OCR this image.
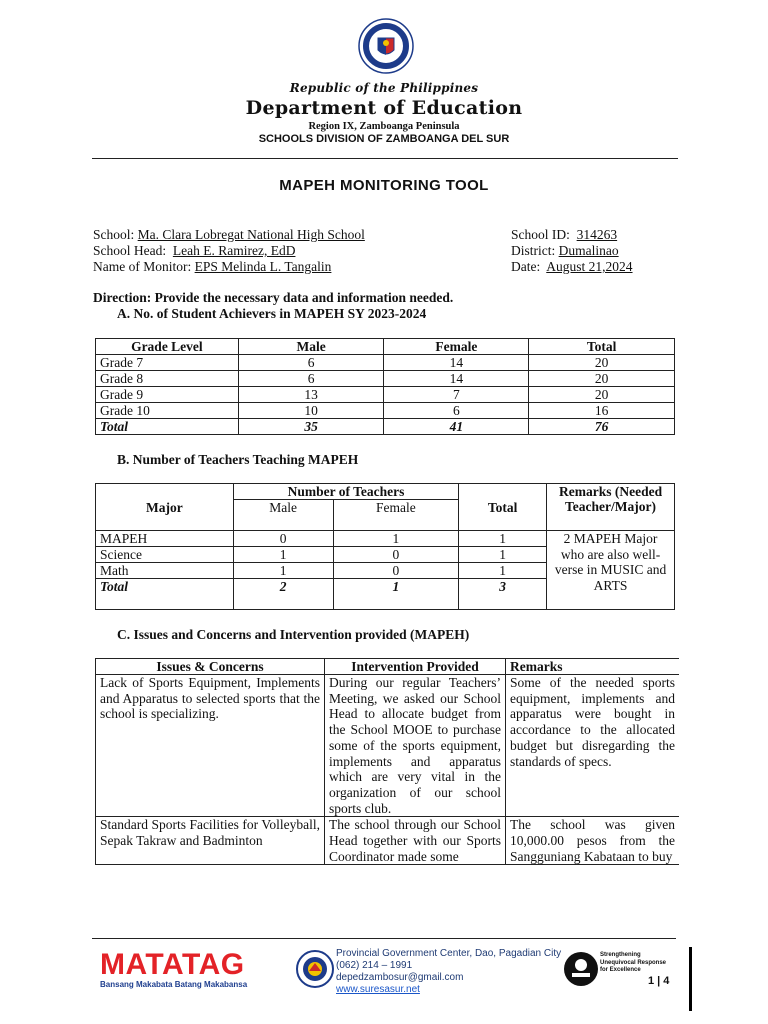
Republic of the Philippines
Department of Education
Region IX, Zamboanga Peninsula
SCHOOLS DIVISION OF ZAMBOANGA DEL SUR
MAPEH MONITORING TOOL
School: Ma. Clara Lobregat National High School
School Head: Leah E. Ramirez, EdD
Name of Monitor: EPS Melinda L. Tangalin
School ID: 314263
District: Dumalinao
Date: August 21,2024
Direction: Provide the necessary data and information needed.
A. No. of Student Achievers in MAPEH SY 2023-2024
Grade Level	Male	Female	Total
Grade 7	6	14	20
Grade 8	6	14	20
Grade 9	13	7	20
Grade 10	10	6	16
Total	35	41	76
B. Number of Teachers Teaching MAPEH
Major	Number of Teachers		Total	Remarks (Needed Teacher/Major)
	Male	Female		
MAPEH	0	1	1	2 MAPEH Major who are also well-verse in MUSIC and ARTS
Science	1	0	1	
Math	1	0	1	
Total	2	1	3	
C. Issues and Concerns and Intervention provided (MAPEH)
Issues & Concerns	Intervention Provided	Remarks
Lack of Sports Equipment, Implements and Apparatus to selected sports that the school is specializing.	During our regular Teachers’ Meeting, we asked our School Head to allocate budget from the School MOOE to purchase some of the sports equipment, implements and apparatus which are very vital in the organization of our school sports club.	Some of the needed sports equipment, implements and apparatus were bought in accordance to the allocated budget but disregarding the standards of specs.
Standard Sports Facilities for Volleyball, Sepak Takraw and Badminton	The school through our School Head together with our Sports Coordinator made some	The school was given 10,000.00 pesos from the Sangguniang Kabataan to buy
MATATAG
Bansang Makabata Batang Makabansa
Provincial Government Center, Dao, Pagadian City
(062) 214 – 1991
depedzambosur@gmail.com
www.suresasur.net
Strengthening Unequivocal Response for Excellence
1 | 4
